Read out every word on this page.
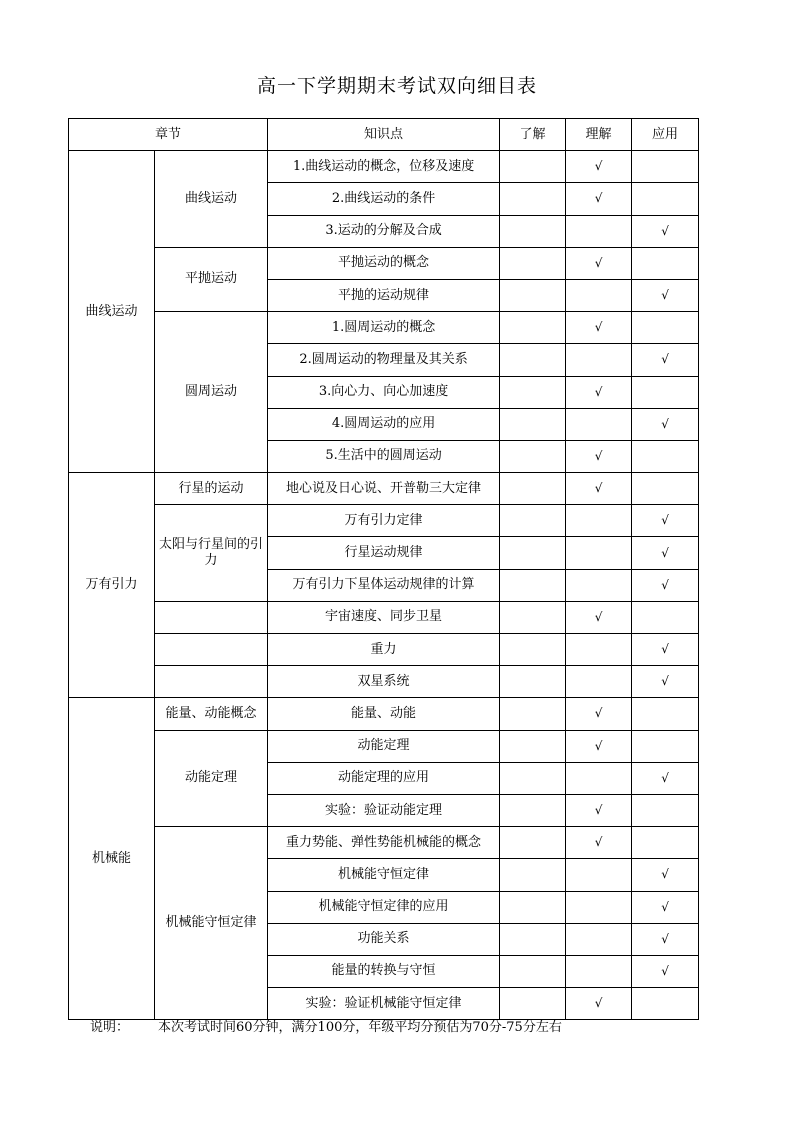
高一下学期期末考试双向细目表
章节		知识点	了解	理解	应用
曲线运动	曲线运动	1.曲线运动的概念，位移及速度		√	
		2.曲线运动的条件		√	
		3.运动的分解及合成			√
	平抛运动	平抛运动的概念		√	
		平抛的运动规律			√
	圆周运动	1.圆周运动的概念		√	
		2.圆周运动的物理量及其关系			√
		3.向心力、向心加速度		√	
		4.圆周运动的应用			√
		5.生活中的圆周运动		√	
万有引力	行星的运动	地心说及日心说、开普勒三大定律		√	
	太阳与行星间的引力	万有引力定律			√
		行星运动规律			√
		万有引力下星体运动规律的计算			√
		宇宙速度、同步卫星		√	
		重力			√
		双星系统			√
机械能	能量、动能概念	能量、动能		√	
	动能定理	动能定理		√	
		动能定理的应用			√
		实验：验证动能定理		√	
	机械能守恒定律	重力势能、弹性势能机械能的概念		√	
		机械能守恒定律			√
		机械能守恒定律的应用			√
		功能关系			√
		能量的转换与守恒			√
		实验：验证机械能守恒定律		√	
说明： 本次考试时间60分钟，满分100分，年级平均分预估为70分-75分左右
